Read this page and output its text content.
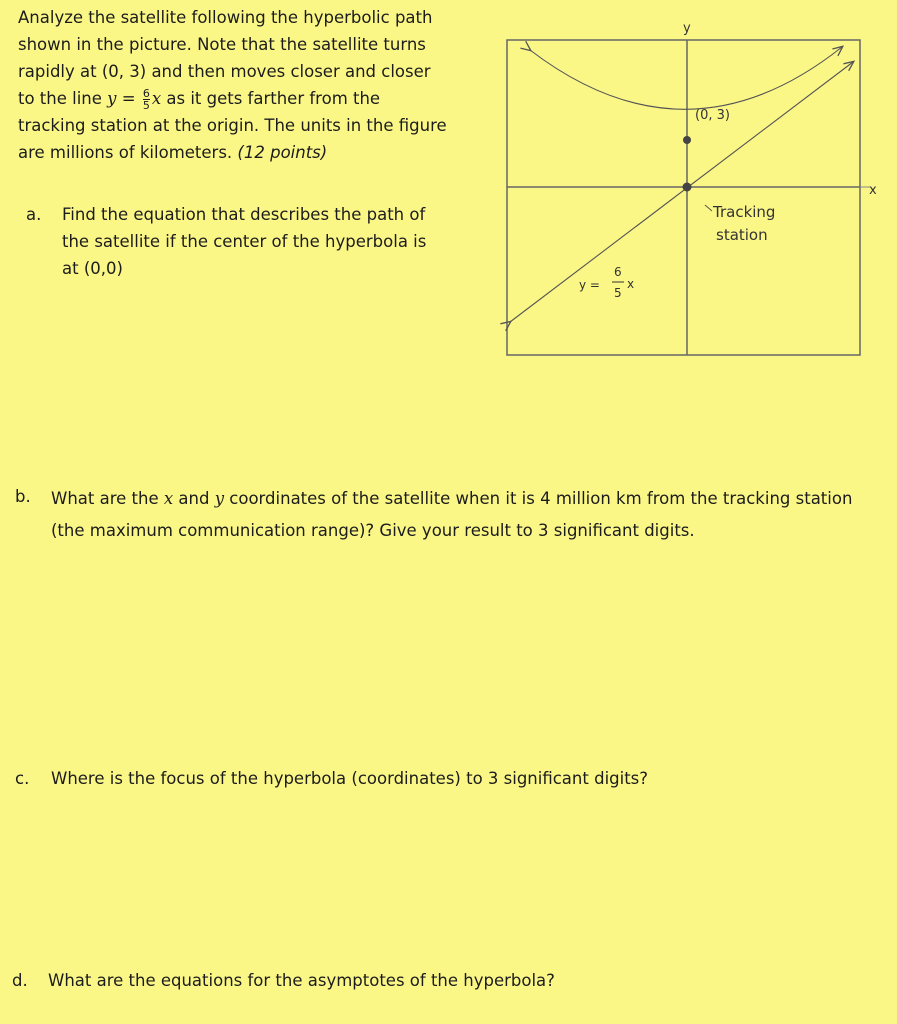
Analyze the satellite following the hyperbolic path shown in the picture. Note that the satellite turns rapidly at (0, 3) and then moves closer and closer to the line $y = \frac{6}{5}$ x as it gets farther from the tracking station at the origin. The units in the figure are millions of kilometers. (12 points)

a. Find the equation that describes the path of the satellite if the center of the hyperbola is at (0,0)
b. What are the x and y coordinates of the satellite when it is 4 million km from the tracking station (the maximum communication range)? Give your result to 3 significant digits.
c. Where is the focus of the hyperbola (coordinates) to 3 significant digits?
d. What are the equations for the asymptotes of the hyperbola?
y
x
(0, 3)
Tracking
station
y =
6
5
x
